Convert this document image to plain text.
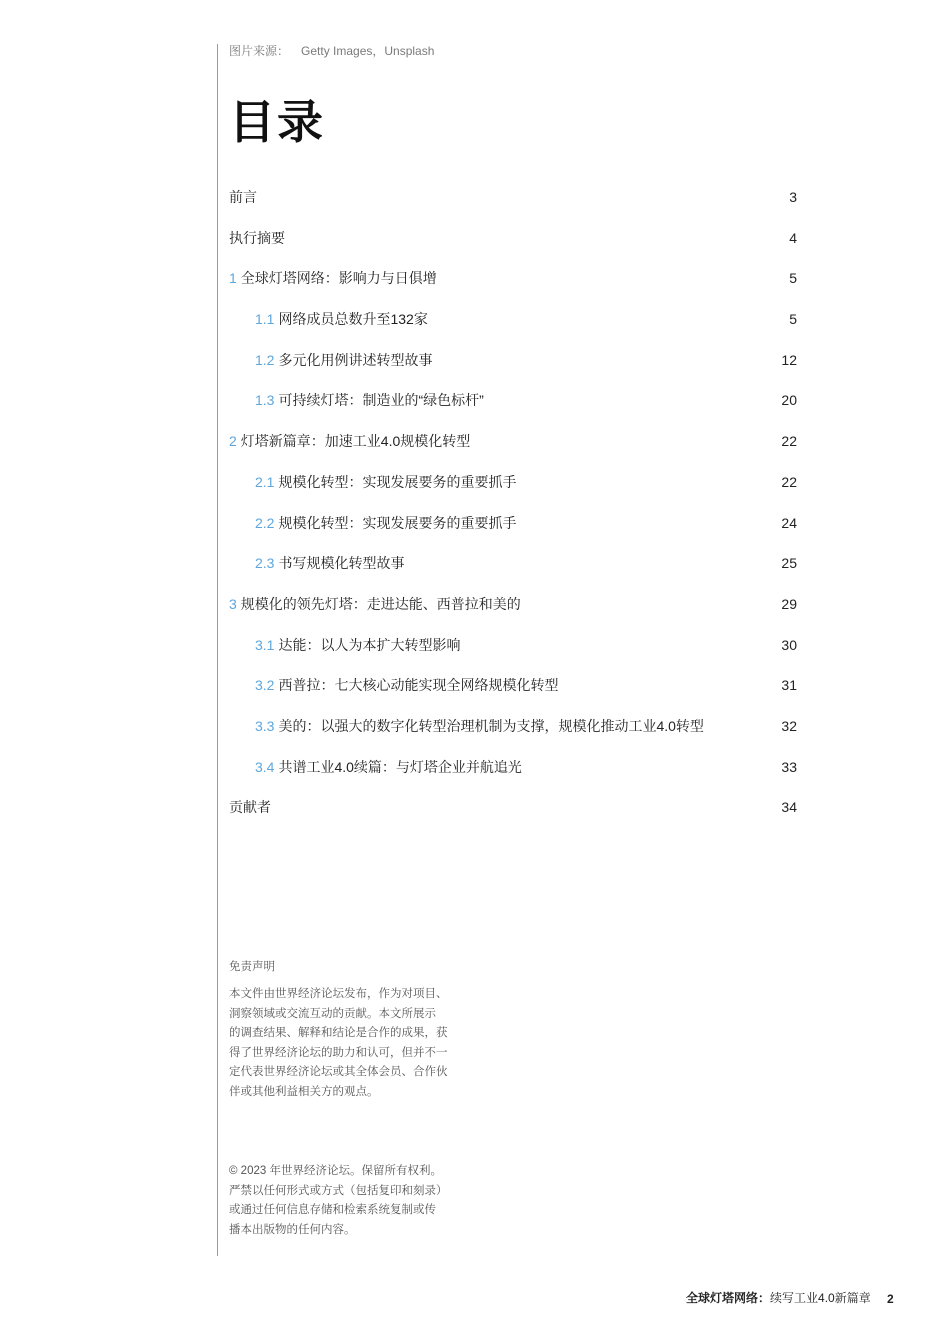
图片来源： Getty Images，Unsplash
目录
前言	3
执行摘要	4
1 全球灯塔网络：影响力与日俱增	5
1.1 网络成员总数升至132家	5
1.2 多元化用例讲述转型故事	12
1.3 可持续灯塔：制造业的“绿色标杆”	20
2 灯塔新篇章：加速工业4.0规模化转型	22
2.1 规模化转型：实现发展要务的重要抓手	22
2.2 规模化转型：实现发展要务的重要抓手	24
2.3 书写规模化转型故事	25
3 规模化的领先灯塔：走进达能、西普拉和美的	29
3.1 达能：以人为本扩大转型影响	30
3.2 西普拉：七大核心动能实现全网络规模化转型	31
3.3 美的：以强大的数字化转型治理机制为支撑，规模化推动工业4.0转型	32
3.4 共谱工业4.0续篇：与灯塔企业并航追光	33
贡献者	34
免责声明
本文件由世界经济论坛发布，作为对项目、
洞察领域或交流互动的贡献。本文所展示
的调查结果、解释和结论是合作的成果，获
得了世界经济论坛的助力和认可，但并不一
定代表世界经济论坛或其全体会员、合作伙
伴或其他利益相关方的观点。
© 2023 年世界经济论坛。保留所有权利。
严禁以任何形式或方式（包括复印和刻录）
或通过任何信息存储和检索系统复制或传
播本出版物的任何内容。
全球灯塔网络：续写工业4.0新篇章 2
